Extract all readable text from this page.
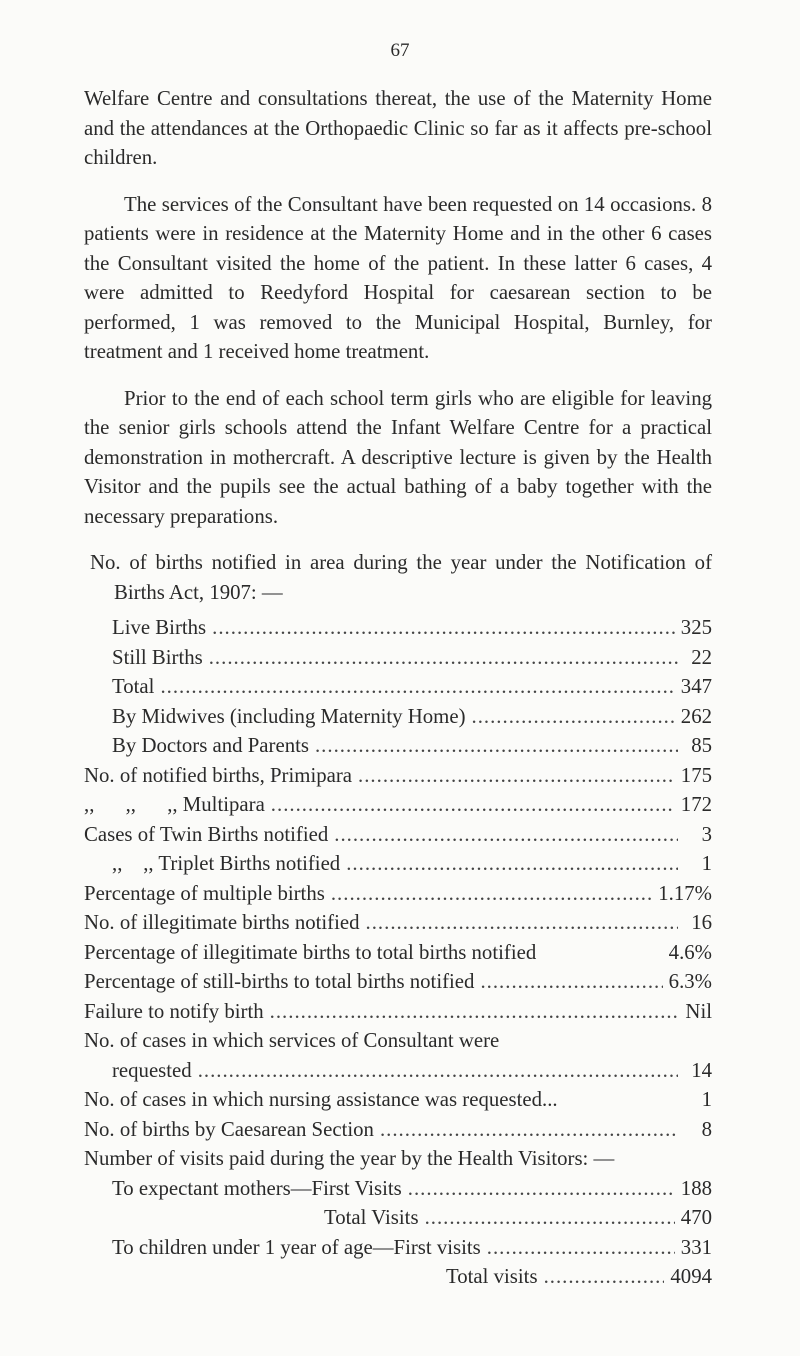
67

Welfare Centre and consultations thereat, the use of the Maternity Home and the attendances at the Orthopaedic Clinic so far as it affects pre-school children.

The services of the Consultant have been requested on 14 occasions. 8 patients were in residence at the Maternity Home and in the other 6 cases the Consultant visited the home of the patient. In these latter 6 cases, 4 were admitted to Reedyford Hospital for caesarean section to be performed, 1 was removed to the Municipal Hospital, Burnley, for treatment and 1 received home treatment.

Prior to the end of each school term girls who are eligible for leaving the senior girls schools attend the Infant Welfare Centre for a practical demonstration in mothercraft. A descriptive lecture is given by the Health Visitor and the pupils see the actual bathing of a baby together with the necessary preparations.

No. of births notified in area during the year under the Notification of Births Act, 1907: —

Live Births .....	325
Still Births .....	22
Total .....	347
By Midwives (including Maternity Home) .....	262
By Doctors and Parents .....	85
No. of notified births, Primipara .....	175
,,      ,,      ,, Multipara .....	172
Cases of Twin Births notified .....	3
,,    ,, Triplet Births notified .....	1
Percentage of multiple births .....	1.17%
No. of illegitimate births notified .....	16
Percentage of illegitimate births to total births notified	4.6%
Percentage of still-births to total births notified .....	6.3%
Failure to notify birth .....	Nil
No. of cases in which services of Consultant were
requested .....	14
No. of cases in which nursing assistance was requested...	1
No. of births by Caesarean Section .....	8
Number of visits paid during the year by the Health Visitors: —
To expectant mothers—First Visits .....	188
Total Visits .....	470
To children under 1 year of age—First visits .....	331
Total visits .....	4094
